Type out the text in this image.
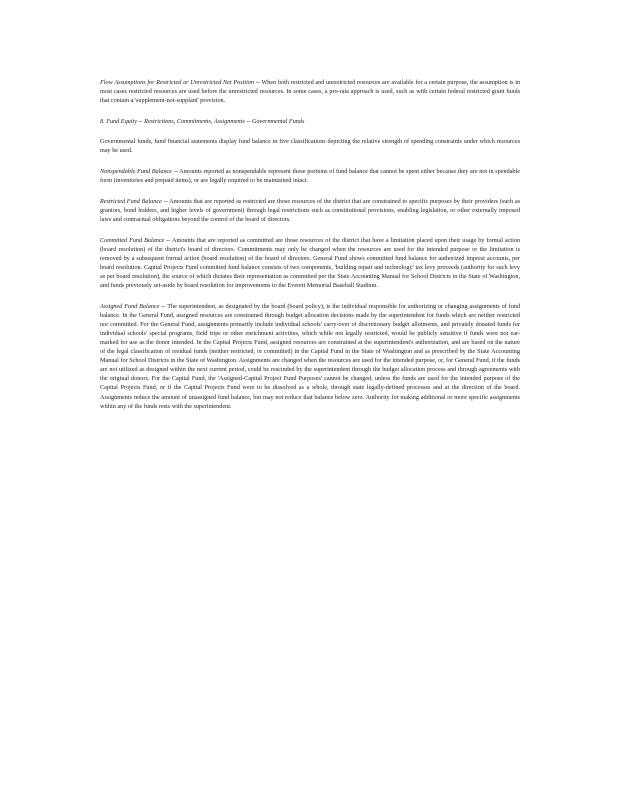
Flow Assumptions for Restricted or Unrestricted Net Position -- When both restricted and unrestricted resources are available for a certain purpose, the assumption is in most cases restricted resources are used before the unrestricted resources. In some cases, a pro-rata approach is used, such as with certain federal restricted grant funds that contain a 'supplement-not-supplant' provision.

8. Fund Equity -- Restrictions, Commitments, Assignments -- Governmental Funds

Governmental funds, fund financial statements display fund balance in five classifications depicting the relative strength of spending constraints under which resources may be used.

Nonspendable Fund Balance -- Amounts reported as nonspendable represent those portions of fund balance that cannot be spent either because they are not in spendable form (inventories and prepaid items), or are legally required to be maintained intact.

Restricted Fund Balance -- Amounts that are reported as restricted are those resources of the district that are constrained to specific purposes by their providers (such as grantors, bond holders, and higher levels of government) through legal restrictions such as constitutional provisions, enabling legislation, or other externally imposed laws and contractual obligations beyond the control of the board of directors.

Committed Fund Balance -- Amounts that are reported as committed are those resources of the district that have a limitation placed upon their usage by formal action (board resolution) of the district's board of directors. Commitments may only be changed when the resources are used for the intended purpose or the limitation is removed by a subsequent formal action (board resolution) of the board of directors. General Fund shows committed fund balance for authorized imprest accounts, per board resolution. Capital Projects Fund committed fund balance consists of two components, 'building repair and technology' tax levy proceeds (authority for such levy as per board resolution), the source of which dictates their representation as committed per the State Accounting Manual for School Districts in the State of Washington, and funds previously set-aside by board resolution for improvements to the Everett Memorial Baseball Stadium.

Assigned Fund Balance -- The superintendent, as designated by the board (board policy), is the individual responsible for authorizing or changing assignments of fund balance. In the General Fund, assigned resources are constrained through budget allocation decisions made by the superintendent for funds which are neither restricted nor committed. For the General Fund, assignments primarily include individual schools' carry-over of discretionary budget allotments, and privately donated funds for individual schools' special programs, field trips or other enrichment activities, which while not legally restricted, would be publicly sensitive if funds were not ear-marked for use as the donor intended. In the Capital Projects Fund, assigned resources are constrained at the superintendent's authorization, and are based on the nature of the legal classification of residual funds (neither restricted, or committed) in the Capital Fund in the State of Washington and as prescribed by the State Accounting Manual for School Districts in the State of Washington. Assignments are changed when the resources are used for the intended purpose, or, for General Fund, if the funds are not utilized as designed within the next current period, could be rescinded by the superintendent through the budget allocation process and through agreements with the original donors. For the Capital Fund, the 'Assigned-Capital Project Fund Purposes' cannot be changed, unless the funds are used for the intended purpose of the Capital Projects Fund, or if the Capital Projects Fund were to be dissolved as a whole, through state legally-defined processes and at the direction of the board. Assignments reduce the amount of unassigned fund balance, but may not reduce that balance below zero. Authority for making additional or more specific assignments within any of the funds rests with the superintendent.
